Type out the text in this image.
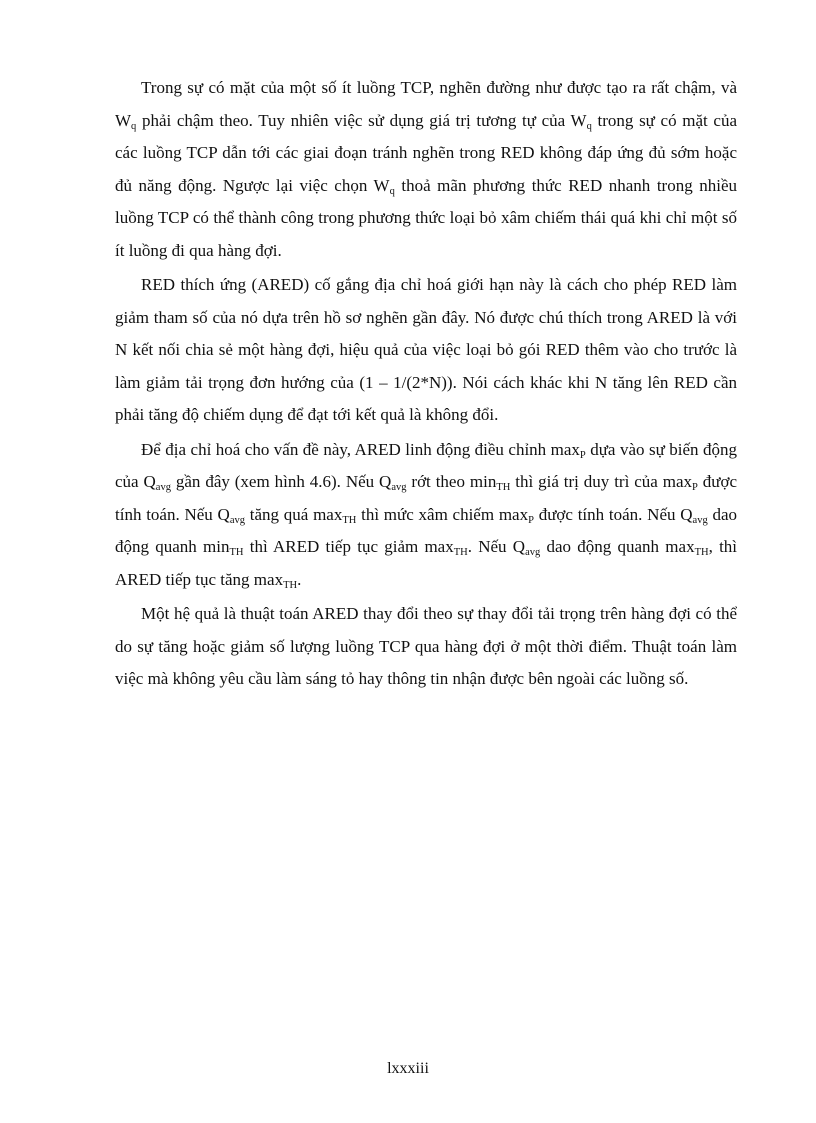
Trong sự có mặt của một số ít luồng TCP, nghẽn đường như được tạo ra rất chậm, và $W_q$ phải chậm theo. Tuy nhiên việc sử dụng giá trị tương tự của $W_q$ trong sự có mặt của các luồng TCP dẫn tới các giai đoạn tránh nghẽn trong RED không đáp ứng đủ sớm hoặc đủ năng động. Ngược lại việc chọn $W_q$ thoả mãn phương thức RED nhanh trong nhiều luồng TCP có thể thành công trong phương thức loại bỏ xâm chiếm thái quá khi chỉ một số ít luồng đi qua hàng đợi.

RED thích ứng (ARED) cố gắng địa chỉ hoá giới hạn này là cách cho phép RED làm giảm tham số của nó dựa trên hồ sơ nghẽn gần đây. Nó được chú thích trong ARED là với N kết nối chia sẻ một hàng đợi, hiệu quả của việc loại bỏ gói RED thêm vào cho trước là làm giảm tải trọng đơn hướng của (1 – 1/(2*N)). Nói cách khác khi N tăng lên RED cần phải tăng độ chiếm dụng để đạt tới kết quả là không đổi.

Để địa chỉ hoá cho vấn đề này, ARED linh động điều chỉnh $\max_P$ dựa vào sự biến động của $Q_{avg}$ gần đây (xem hình 4.6). Nếu $Q_{avg}$ rớt theo $\min_{TH}$ thì giá trị duy trì của $\max_P$ được tính toán. Nếu $Q_{avg}$ tăng quá $\max_{TH}$ thì mức xâm chiếm $\max_P$ được tính toán. Nếu $Q_{avg}$ dao động quanh $\min_{TH}$ thì ARED tiếp tục giảm $\max_{TH}$. Nếu $Q_{avg}$ dao động quanh $\max_{TH}$, thì ARED tiếp tục tăng $\max_{TH}$.

Một hệ quả là thuật toán ARED thay đổi theo sự thay đổi tải trọng trên hàng đợi có thể do sự tăng hoặc giảm số lượng luồng TCP qua hàng đợi ở một thời điểm. Thuật toán làm việc mà không yêu cầu làm sáng tỏ hay thông tin nhận được bên ngoài các luồng số.

lxxxiii
